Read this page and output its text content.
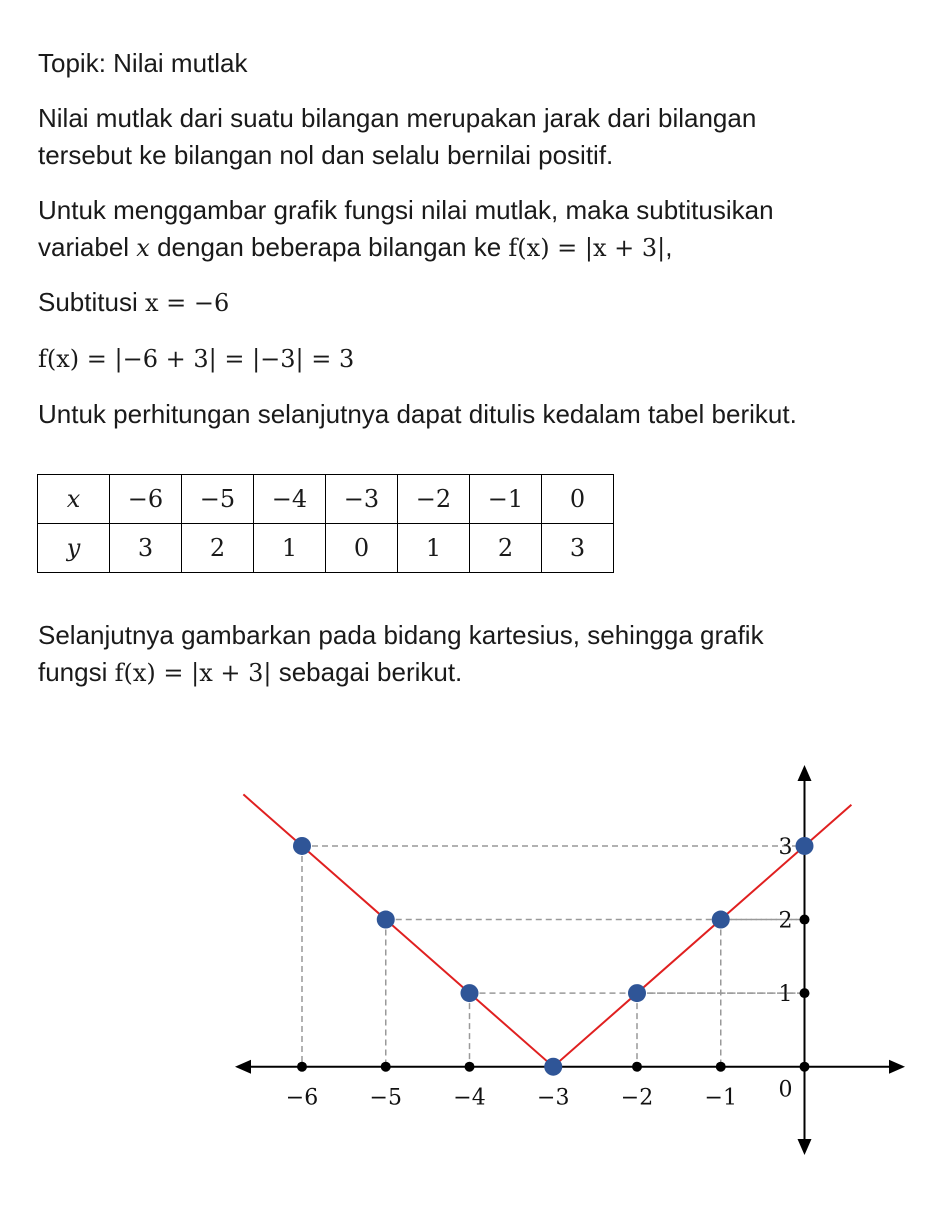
Topik: Nilai mutlak

Nilai mutlak dari suatu bilangan merupakan jarak dari bilangan
tersebut ke bilangan nol dan selalu bernilai positif.

Untuk menggambar grafik fungsi nilai mutlak, maka subtitusikan
variabel x dengan beberapa bilangan ke f(x) = |x + 3|,

Subtitusi x = −6

f(x) = |−6 + 3| = |−3| = 3

Untuk perhitungan selanjutnya dapat ditulis kedalam tabel berikut.

x	−6	−5	−4	−3	−2	−1	0
y	3	2	1	0	1	2	3

Selanjutnya gambarkan pada bidang kartesius, sehingga grafik
fungsi f(x) = |x + 3| sebagai berikut.

−6 −5 −4 −3 −2 −1
1
2
3
0
